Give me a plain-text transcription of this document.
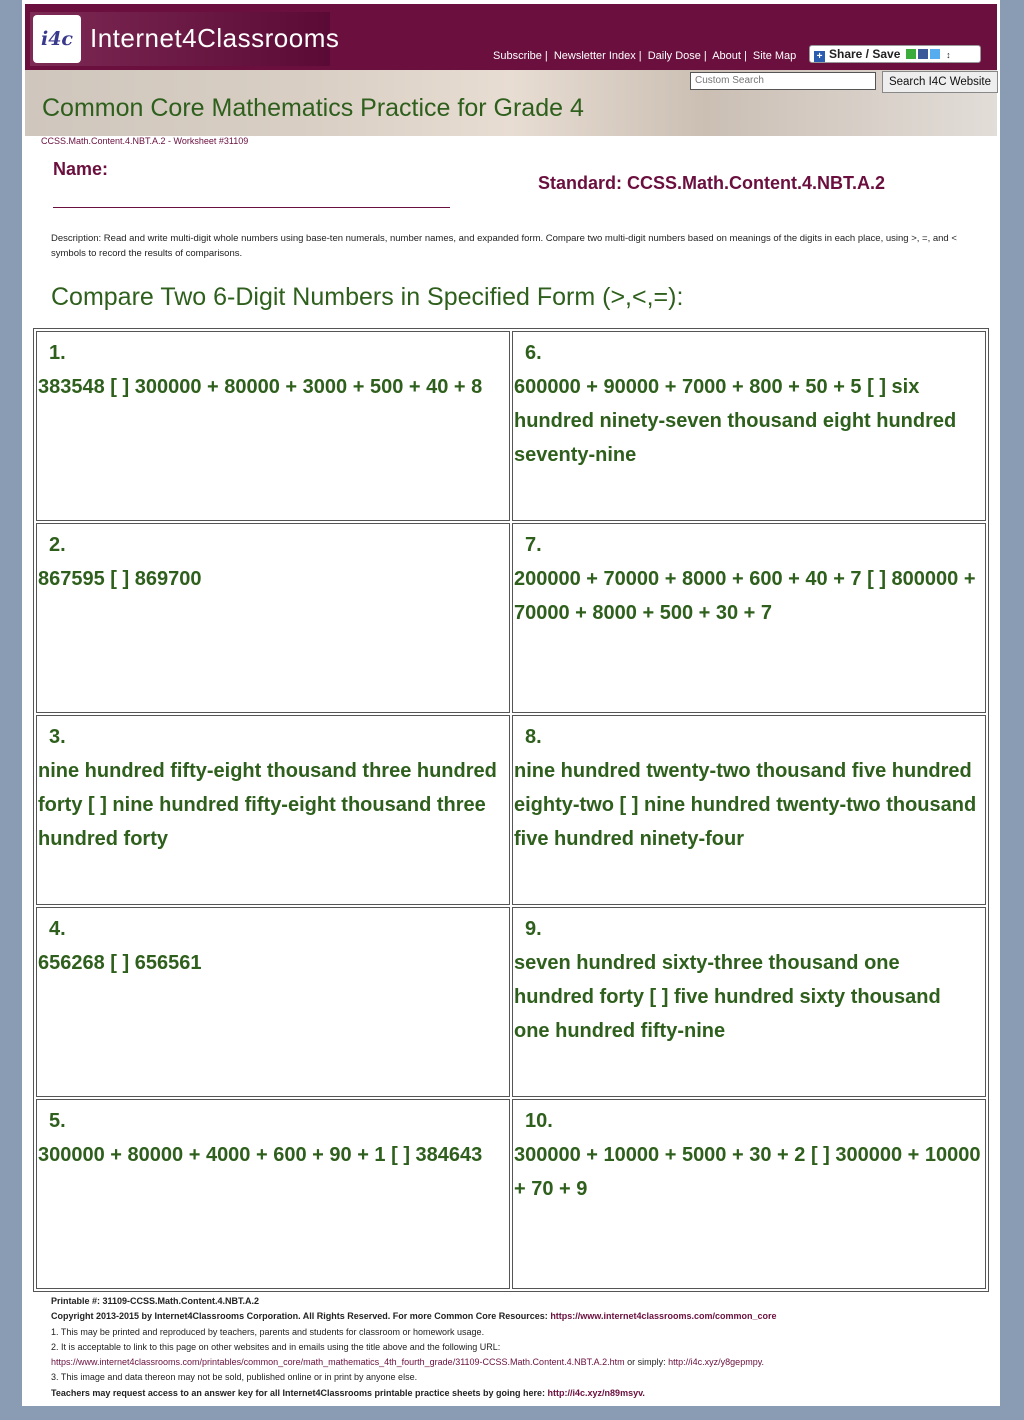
i4c Internet4Classrooms
Subscribe | Newsletter Index | Daily Dose | About | Site Map	+ Share / Save	↕
Custom Search
Search I4C Website
Common Core Mathematics Practice for Grade 4
CCSS.Math.Content.4.NBT.A.2 - Worksheet #31109
Name:
Standard: CCSS.Math.Content.4.NBT.A.2
Description: Read and write multi-digit whole numbers using base-ten numerals, number names, and expanded form. Compare two multi-digit numbers based on meanings of the digits in each place, using >, =, and < symbols to record the results of comparisons.
Compare Two 6-Digit Numbers in Specified Form (>,<,=):
1.
383548 [ ] 300000 + 80000 + 3000 + 500 + 40 + 8
2.
867595 [ ] 869700
3.
nine hundred fifty-eight thousand three hundred forty [ ] nine hundred fifty-eight thousand three hundred forty
4.
656268 [ ] 656561
5.
300000 + 80000 + 4000 + 600 + 90 + 1 [ ] 384643
6.
600000 + 90000 + 7000 + 800 + 50 + 5 [ ] six hundred ninety-seven thousand eight hundred seventy-nine
7.
200000 + 70000 + 8000 + 600 + 40 + 7 [ ] 800000 + 70000 + 8000 + 500 + 30 + 7
8.
nine hundred twenty-two thousand five hundred eighty-two [ ] nine hundred twenty-two thousand five hundred ninety-four
9.
seven hundred sixty-three thousand one hundred forty [ ] five hundred sixty thousand one hundred fifty-nine
10.
300000 + 10000 + 5000 + 30 + 2 [ ] 300000 + 10000 + 70 + 9
Printable #: 31109-CCSS.Math.Content.4.NBT.A.2
Copyright 2013-2015 by Internet4Classrooms Corporation. All Rights Reserved. For more Common Core Resources: https://www.internet4classrooms.com/common_core
1. This may be printed and reproduced by teachers, parents and students for classroom or homework usage.
2. It is acceptable to link to this page on other websites and in emails using the title above and the following URL:
https://www.internet4classrooms.com/printables/common_core/math_mathematics_4th_fourth_grade/31109-CCSS.Math.Content.4.NBT.A.2.htm or simply: http://i4c.xyz/y8gepmpy.
3. This image and data thereon may not be sold, published online or in print by anyone else.
Teachers may request access to an answer key for all Internet4Classrooms printable practice sheets by going here: http://i4c.xyz/n89msyv.
